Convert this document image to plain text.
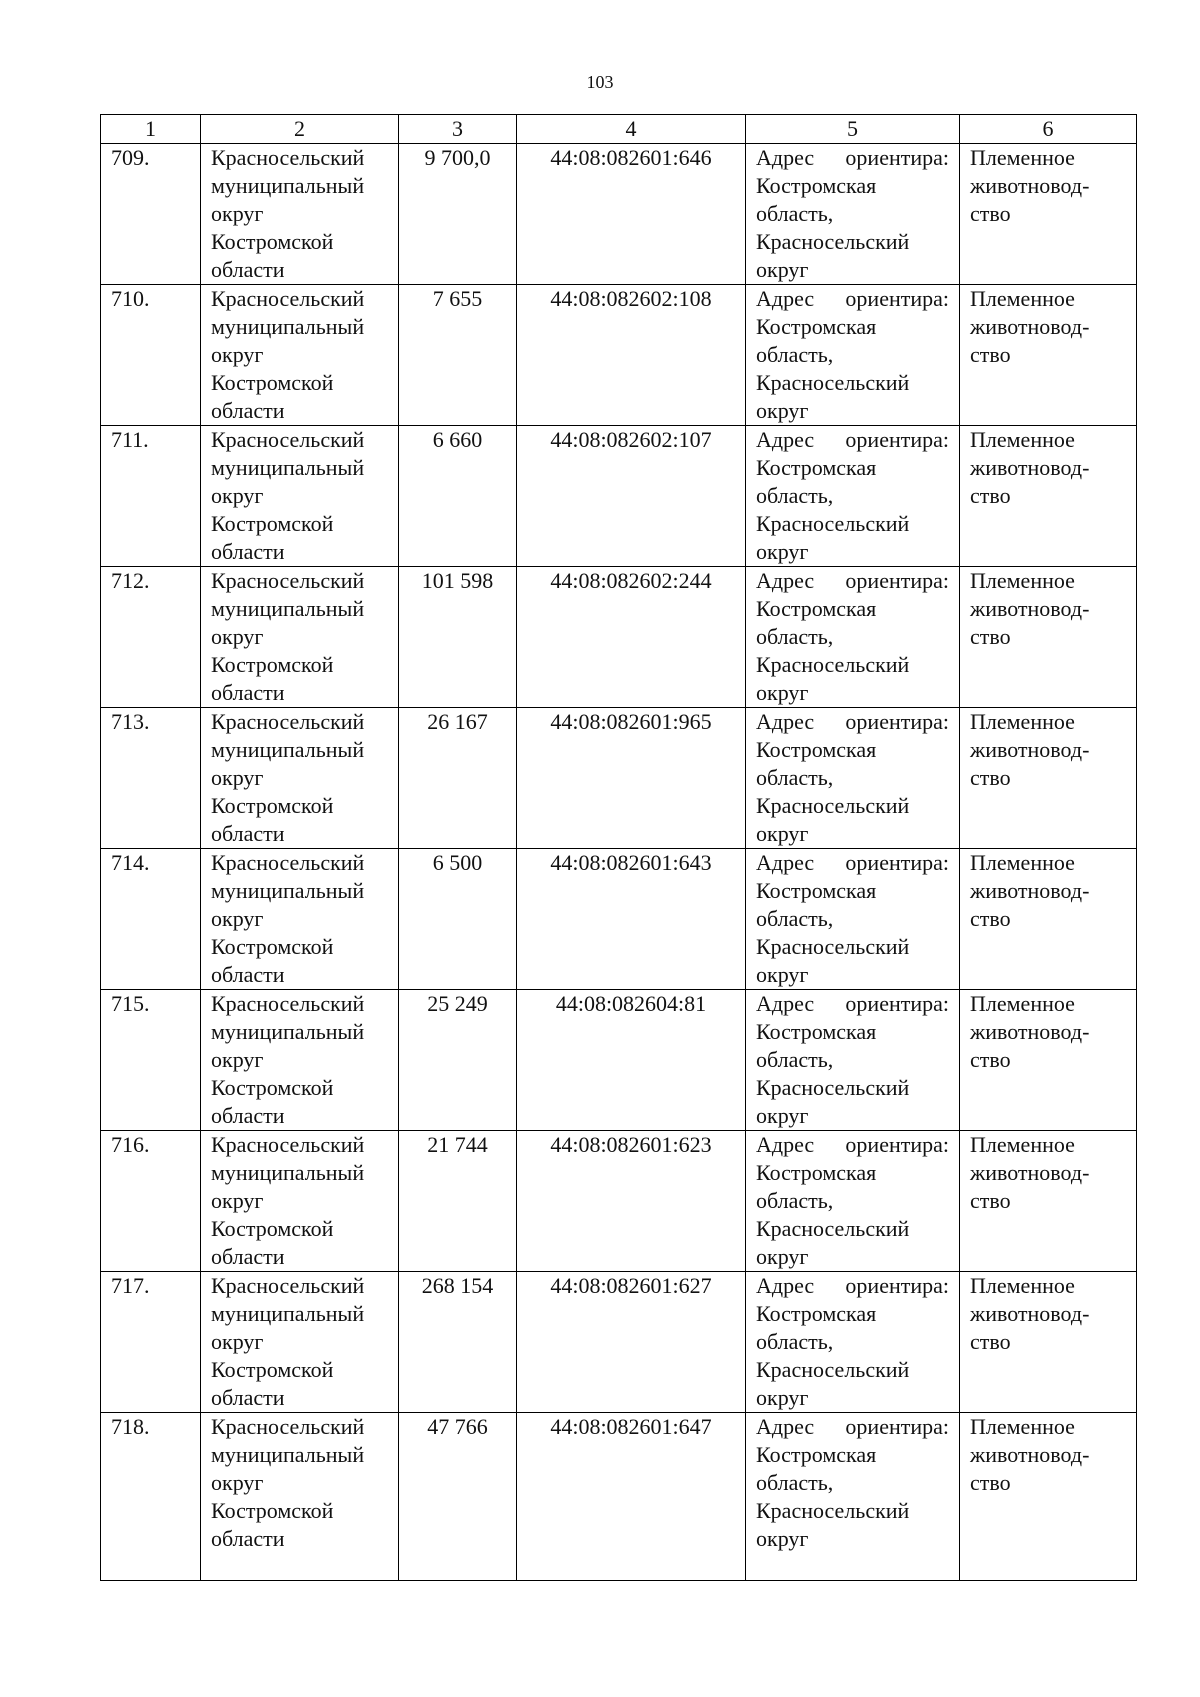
103
1	2	3	4	5	6
709.	Красносельский
муниципальный
округ
Костромской
области	9 700,0	44:08:082601:646	Адрес ориентира:
Костромская
область,
Красносельский
округ	Племенное
животновод-
ство

710.	Красносельский
муниципальный
округ
Костромской
области	7 655	44:08:082602:108	Адрес ориентира:
Костромская
область,
Красносельский
округ	Племенное
животновод-
ство

711.	Красносельский
муниципальный
округ
Костромской
области	6 660	44:08:082602:107	Адрес ориентира:
Костромская
область,
Красносельский
округ	Племенное
животновод-
ство

712.	Красносельский
муниципальный
округ
Костромской
области	101 598	44:08:082602:244	Адрес ориентира:
Костромская
область,
Красносельский
округ	Племенное
животновод-
ство

713.	Красносельский
муниципальный
округ
Костромской
области	26 167	44:08:082601:965	Адрес ориентира:
Костромская
область,
Красносельский
округ	Племенное
животновод-
ство

714.	Красносельский
муниципальный
округ
Костромской
области	6 500	44:08:082601:643	Адрес ориентира:
Костромская
область,
Красносельский
округ	Племенное
животновод-
ство

715.	Красносельский
муниципальный
округ
Костромской
области	25 249	44:08:082604:81	Адрес ориентира:
Костромская
область,
Красносельский
округ	Племенное
животновод-
ство

716.	Красносельский
муниципальный
округ
Костромской
области	21 744	44:08:082601:623	Адрес ориентира:
Костромская
область,
Красносельский
округ	Племенное
животновод-
ство

717.	Красносельский
муниципальный
округ
Костромской
области	268 154	44:08:082601:627	Адрес ориентира:
Костромская
область,
Красносельский
округ	Племенное
животновод-
ство

718.	Красносельский
муниципальный
округ
Костромской
области	47 766	44:08:082601:647	Адрес ориентира:
Костромская
область,
Красносельский
округ	Племенное
животновод-
ство
